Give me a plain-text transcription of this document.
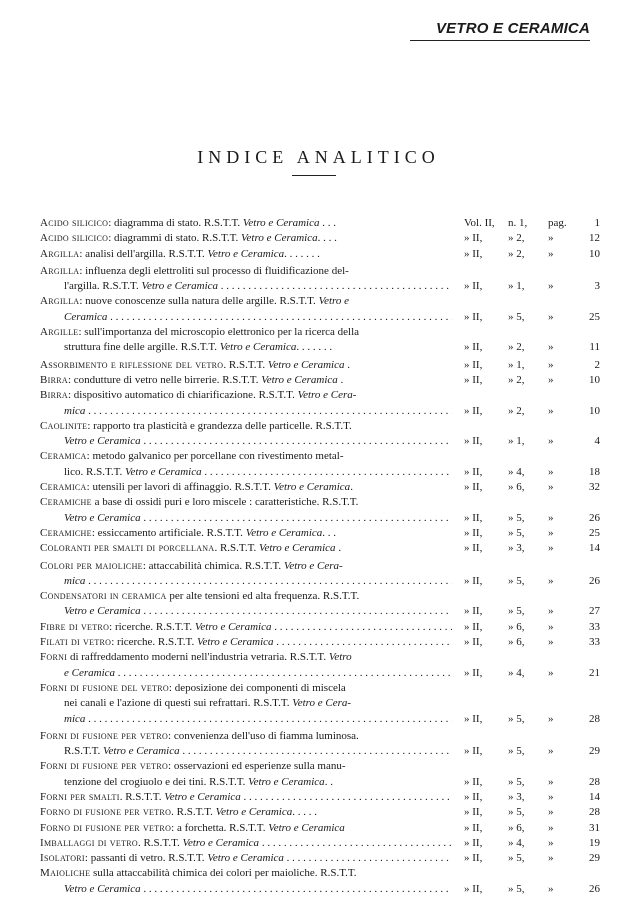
VETRO E CERAMICA
INDICE ANALITICO
Acido silicico: diagramma di stato. R.S.T.T. Vetro e Ceramica . . .	Vol. II, n. 1, pag.	1
Acido silicico: diagrammi di stato. R.S.T.T. Vetro e Ceramica. . . .	» II, » 2, »	12
Argilla: analisi dell'argilla. R.S.T.T. Vetro e Ceramica. . . . . . .	» II, » 2, »	10
Argilla: influenza degli elettroliti sul processo di fluidificazione del-
l'argilla. R.S.T.T. Vetro e Ceramica . . .	» II, » 1, »	3
Argilla: nuove conoscenze sulla natura delle argille. R.S.T.T. Vetro e
Ceramica . . .	» II, » 5, »	25
Argille: sull'importanza del microscopio elettronico per la ricerca della
struttura fine delle argille. R.S.T.T. Vetro e Ceramica. . . . . . .	» II, » 2, »	11
Assorbimento e riflessione del vetro. R.S.T.T. Vetro e Ceramica .	» II, » 1, »	2
Birra: condutture di vetro nelle birrerie. R.S.T.T. Vetro e Ceramica .	» II, » 2, »	10
Birra: dispositivo automatico di chiarificazione. R.S.T.T. Vetro e Cera-
mica . . .	» II, » 2, »	10
Caolinite: rapporto tra plasticità e grandezza delle particelle. R.S.T.T.
Vetro e Ceramica . . .	» II, » 1, »	4
Ceramica: metodo galvanico per porcellane con rivestimento metal-
lico. R.S.T.T. Vetro e Ceramica . . .	» II, » 4, »	18
Ceramica: utensili per lavori di affinaggio. R.S.T.T. Vetro e Ceramica.	» II, » 6, »	32
Ceramiche a base di ossidi puri e loro miscele : caratteristiche. R.S.T.T.
Vetro e Ceramica . . .	» II, » 5, »	26
Ceramiche: essiccamento artificiale. R.S.T.T. Vetro e Ceramica. . .	» II, » 5, »	25
Coloranti per smalti di porcellana. R.S.T.T. Vetro e Ceramica .	» II, » 3, »	14
Colori per maioliche: attaccabilità chimica. R.S.T.T. Vetro e Cera-
mica . . .	» II, » 5, »	26
Condensatori in ceramica per alte tensioni ed alta frequenza. R.S.T.T.
Vetro e Ceramica . . .	» II, » 5, »	27
Fibre di vetro: ricerche. R.S.T.T. Vetro e Ceramica . . .	» II, » 6, »	33
Filati di vetro: ricerche. R.S.T.T. Vetro e Ceramica . . .	» II, » 6, »	33
Forni di raffreddamento moderni nell'industria vetraria. R.S.T.T. Vetro
e Ceramica . . .	» II, » 4, »	21
Forni di fusione del vetro: deposizione dei componenti di miscela
nei canali e l'azione di questi sui refrattari. R.S.T.T. Vetro e Cera-
mica . . .	» II, » 5, »	28
Forni di fusione per vetro: convenienza dell'uso di fiamma luminosa.
R.S.T.T. Vetro e Ceramica . . .	» II, » 5, »	29
Forni di fusione per vetro: osservazioni ed esperienze sulla manu-
tenzione del crogiuolo e dei tini. R.S.T.T. Vetro e Ceramica. .	» II, » 5, »	28
Forni per smalti. R.S.T.T. Vetro e Ceramica . . .	» II, » 3, »	14
Forno di fusione per vetro. R.S.T.T. Vetro e Ceramica. . . . .	» II, » 5, »	28
Forno di fusione per vetro: a forchetta. R.S.T.T. Vetro e Ceramica	» II, » 6, »	31
Imballaggi di vetro. R.S.T.T. Vetro e Ceramica . . .	» II, » 4, »	19
Isolatori: passanti di vetro. R.S.T.T. Vetro e Ceramica . . .	» II, » 5, »	29
Maioliche sulla attaccabilità chimica dei colori per maioliche. R.S.T.T.
Vetro e Ceramica . . .	» II, » 5, »	26
